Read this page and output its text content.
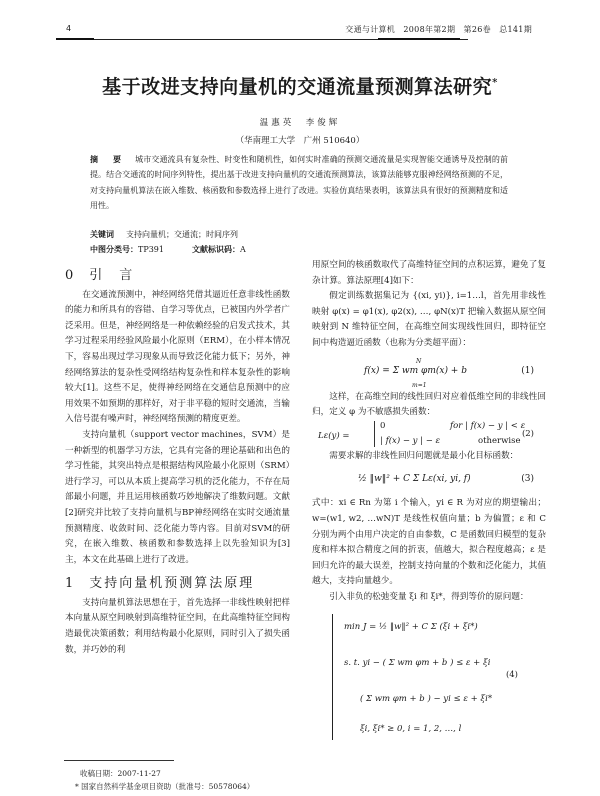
4	交通与计算机　2008年第2期　第26卷　总141期
基于改进支持向量机的交通流量预测算法研究*
温惠英　李俊辉
（华南理工大学　广州 510640）
摘 要 城市交通流具有复杂性、时变性和随机性，如何实时准确的预测交通流量是实现智能交通诱导及控制的前提。结合交通流的时间序列特性，提出基于改进支持向量机的交通流预测算法，该算法能够克服神经网络预测的不足，对支持向量机算法在嵌入维数、核函数和参数选择上进行了改进。实验仿真结果表明，该算法具有很好的预测精度和适用性。
关键词 支持向量机；交通流；时间序列
中图分类号：TP391	文献标识码：A
0 引　言

在交通流预测中，神经网络凭借其逼近任意非线性函数的能力和所具有的容错、自学习等优点，已被国内外学者广泛采用。但是，神经网络是一种依赖经验的启发式技术，其学习过程采用经验风险最小化原则（ERM），在小样本情况下，容易出现过学习现象从而导致泛化能力低下；另外，神经网络算法的复杂性受网络结构复杂性和样本复杂性的影响较大[1]。这些不足，使得神经网络在交通信息预测中的应用效果不如预期的那样好，对于非平稳的短时交通流，当输入信号混有噪声时，神经网络预测的精度更差。

支持向量机（support vector machines，SVM）是一种新型的机器学习方法，它具有完备的理论基础和出色的学习性能，其突出特点是根据结构风险最小化原则（SRM）进行学习，可以从本质上提高学习机的泛化能力，不存在局部最小问题，并且运用核函数巧妙地解决了维数问题。文献[2]研究并比较了支持向量机与BP神经网络在实时交通流量预测精度、收敛时间、泛化能力等内容。目前对SVM的研究，在嵌入维数、核函数和参数选择上以先验知识为[3]主，本文在此基础上进行了改进。

1 支持向量机预测算法原理

支持向量机算法思想在于，首先选择一非线性映射把样本向量从原空间映射到高维特征空间，在此高维特征空间构造最优决策函数；利用结构最小化原则，同时引入了损失函数，并巧妙的利

用原空间的核函数取代了高维特征空间的点积运算，避免了复杂计算。算法原理[4]如下：

假定训练数据集记为 {(xi, yi)}, i=1…l，首先用非线性映射 φ(x) = φ1(x), φ2(x), …, φN(x)T 把输入数据从原空间映射到 N 维特征空间，在高维空间实现线性回归，即特征空间中构造逼近函数（也称为分类超平面）：

f(x) = Σ wm φm(x) + b
N
m=1
(1)

这样，在高维空间的线性回归对应着低维空间的非线性回归，定义 φ 为不敏感损失函数：

Lε(y) =
0	for | f(x) − y | < ε
| f(x) − y | − ε	otherwise
(2)

需要求解的非线性回归问题就是最小化目标函数：

½ ‖w‖² + C Σ Lε(xi, yi, f)	(3)

式中：xi ∈ Rn 为第 i 个输入，yi ∈ R 为对应的期望输出；w=(w1, w2, …wN)T 是线性权值向量；b 为偏置；ε 和 C 分别为两个由用户决定的自由参数，C 是函数回归模型的复杂度和样本拟合精度之间的折衷，值越大，拟合程度越高；ε 是回归允许的最大误差，控制支持向量的个数和泛化能力，其值越大，支持向量越少。

引入非负的松弛变量 ξi 和 ξi*，得到等价的原问题：

min J = ½ ‖w‖² + C Σ (ξi + ξi*)
s. t. yi − ( Σ wm φm + b ) ≤ ε + ξi
( Σ wm φm + b ) − yi ≤ ε + ξi*
ξi, ξi* ≥ 0, i = 1, 2, …, l
(4)
收稿日期：2007-11-27
* 国家自然科学基金项目资助（批准号：50578064）
